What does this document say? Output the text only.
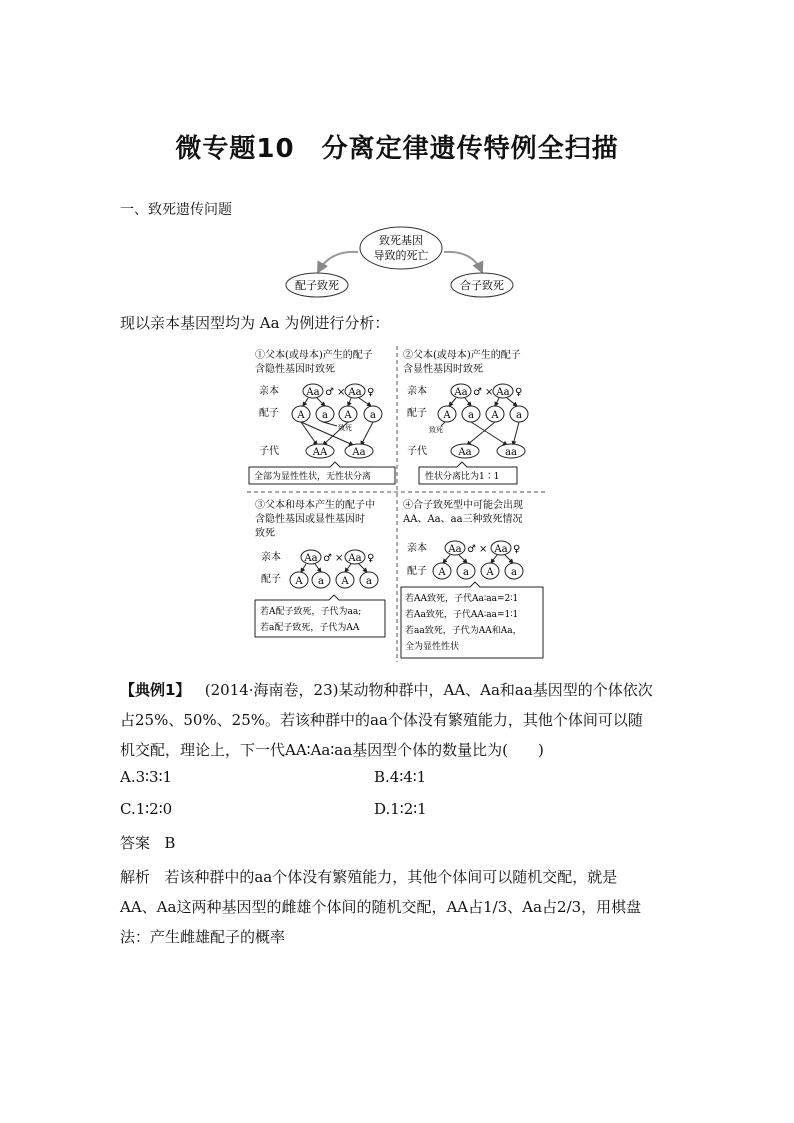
微专题10　分离定律遗传特例全扫描
一、致死遗传问题
致死基因
导致的死亡
配子致死	合子致死
现以亲本基因型均为 Aa 为例进行分析：
①父本(或母本)产生的配子
含隐性基因时致死
亲本
配子
子代
Aa ♂ × Aa ♀
A a A a
致死
AA	Aa
全部为显性性状，无性状分离
②父本(或母本)产生的配子
含显性基因时致死
亲本
配子
子代
Aa ♂ × Aa ♀
A a A a
致死
Aa	aa
性状分离比为1∶1
③父本和母本产生的配子中
含隐性基因或显性基因时
致死
亲本
配子
Aa ♂ × Aa ♀
A a A a
若A配子致死，子代为aa;
若a配子致死，子代为AA
④合子致死型中可能会出现
AA、Aa、aa三种致死情况
亲本
配子
Aa ♂ × Aa ♀
A a A a
若AA致死，子代Aa∶aa=2∶1
若Aa致死，子代AA∶aa=1∶1
若aa致死，子代为AA和Aa，
全为显性性状
【典例1】 (2014·海南卷，23)某动物种群中，AA、Aa和aa基因型的个体依次
占25%、50%、25%。若该种群中的aa个体没有繁殖能力，其他个体间可以随
机交配，理论上，下一代AA∶Aa∶aa基因型个体的数量比为(　　)
A.3∶3∶1	B.4∶4∶1
C.1∶2∶0	D.1∶2∶1
答案 B
解析 若该种群中的aa个体没有繁殖能力，其他个体间可以随机交配，就是
AA、Aa这两种基因型的雌雄个体间的随机交配，AA占1/3、Aa占2/3，用棋盘
法：产生雌雄配子的概率
